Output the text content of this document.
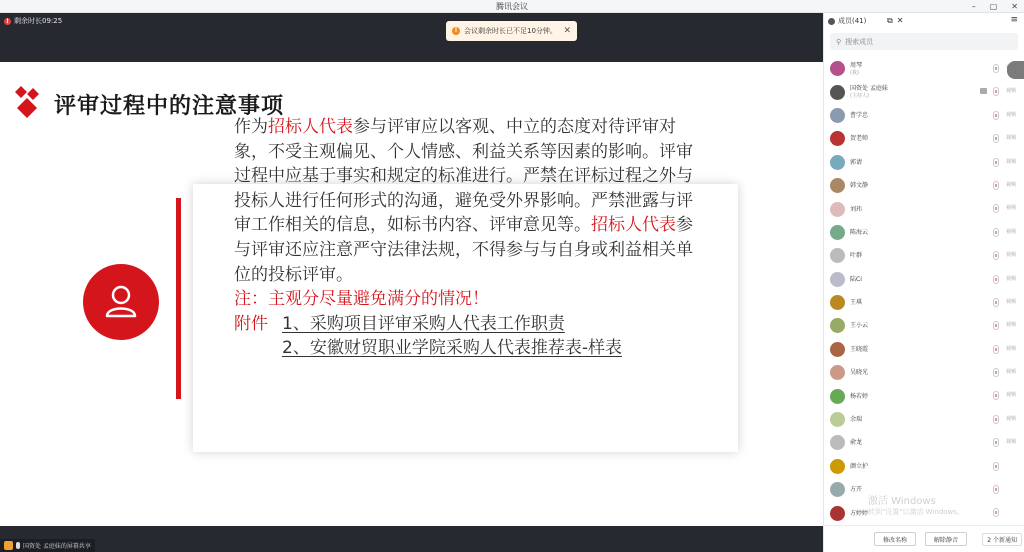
腾讯会议	– ▢ ✕
! 剩余时长09:25
! 会议剩余时长已不足10分钟。 ✕
评审过程中的注意事项
作为招标人代表参与评审应以客观、中立的态度对待评审对象，不受主观偏见、个人情感、利益关系等因素的影响。评审过程中应基于事实和规定的标准进行。严禁在评标过程之外与投标人进行任何形式的沟通，避免受外界影响。严禁泄露与评审工作相关的信息，如标书内容、评审意见等。招标人代表参与评审还应注意严守法律法规，不得参与与自身或利益相关单位的投标评审。
注：主观分尽量避免满分的情况！
附件 1、采购项目评审采购人代表工作职责
2、安徽财贸职业学院采购人代表推荐表-样表
国资处 孟庭妹的屏幕共享
成员(41)	⧉ ✕	≡
⚲ 搜索成员
周琴
(我)
国资处 孟庭妹
(主持人)
视频
曹学忠	视频
贺老师	视频
郭请	视频
韩文静	视频
刘玮	视频
陈海云	视频
叶群	视频
陆Ci	视频
王琪	视频
王小云	视频
王晓霞	视频
吴晓光	视频
杨若婷	视频
余瑞	视频
俞龙	视频
颜立护
方开
方婷婷
修改名称	解除静音	2 个新通知
激活 Windows
转到"设置"以激活 Windows。
